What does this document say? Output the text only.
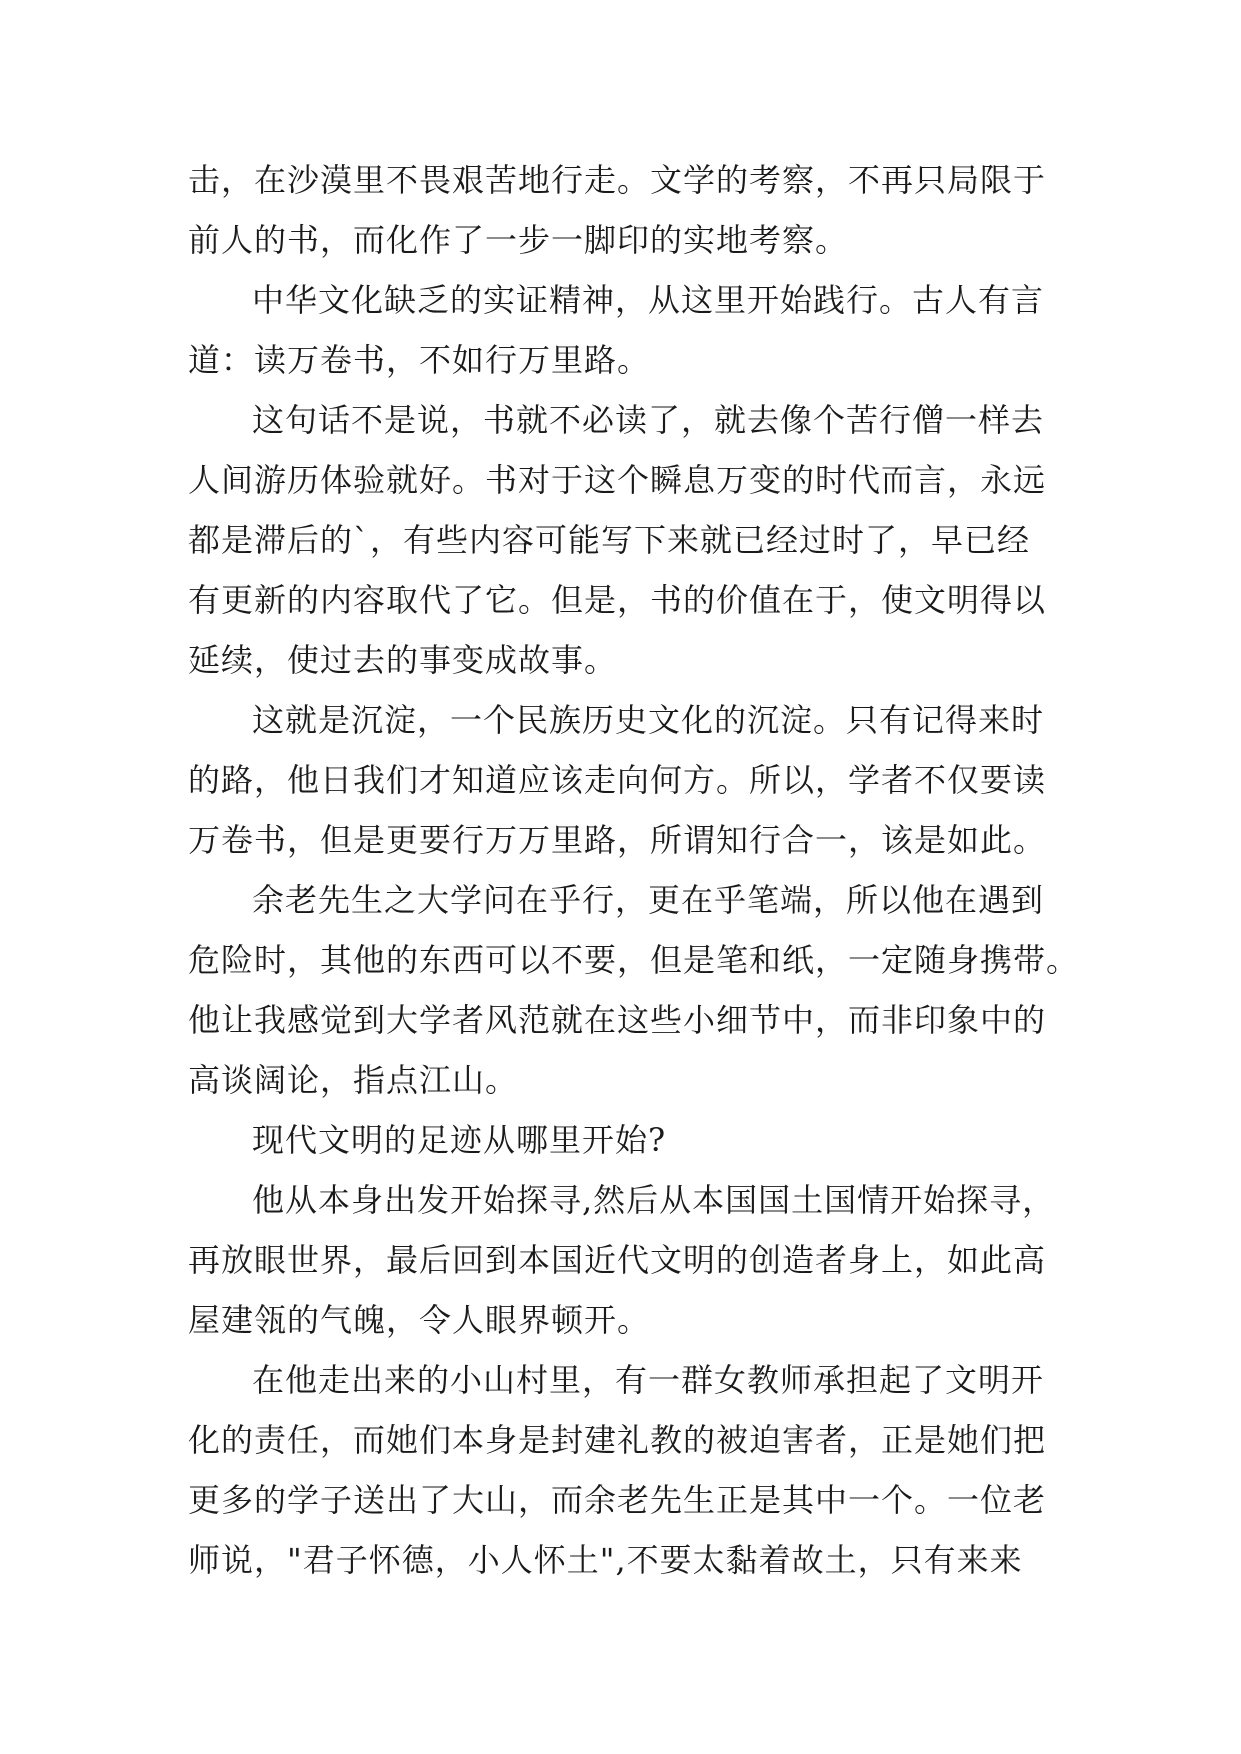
击，在沙漠里不畏艰苦地行走。文学的考察，不再只局限于
前人的书，而化作了一步一脚印的实地考察。

中华文化缺乏的实证精神，从这里开始践行。古人有言
道：读万卷书，不如行万里路。

这句话不是说，书就不必读了，就去像个苦行僧一样去
人间游历体验就好。书对于这个瞬息万变的时代而言，永远
都是滞后的`，有些内容可能写下来就已经过时了，早已经
有更新的内容取代了它。但是，书的价值在于，使文明得以
延续，使过去的事变成故事。

这就是沉淀，一个民族历史文化的沉淀。只有记得来时
的路，他日我们才知道应该走向何方。所以，学者不仅要读
万卷书，但是更要行万万里路，所谓知行合一，该是如此。

余老先生之大学问在乎行，更在乎笔端，所以他在遇到
危险时，其他的东西可以不要，但是笔和纸，一定随身携带。
他让我感觉到大学者风范就在这些小细节中，而非印象中的
高谈阔论，指点江山。

现代文明的足迹从哪里开始?

他从本身出发开始探寻,然后从本国国土国情开始探寻，
再放眼世界，最后回到本国近代文明的创造者身上，如此高
屋建瓴的气魄，令人眼界顿开。

在他走出来的小山村里，有一群女教师承担起了文明开
化的责任，而她们本身是封建礼教的被迫害者，正是她们把
更多的学子送出了大山，而余老先生正是其中一个。一位老
师说，"君子怀德，小人怀土",不要太黏着故土，只有来来
